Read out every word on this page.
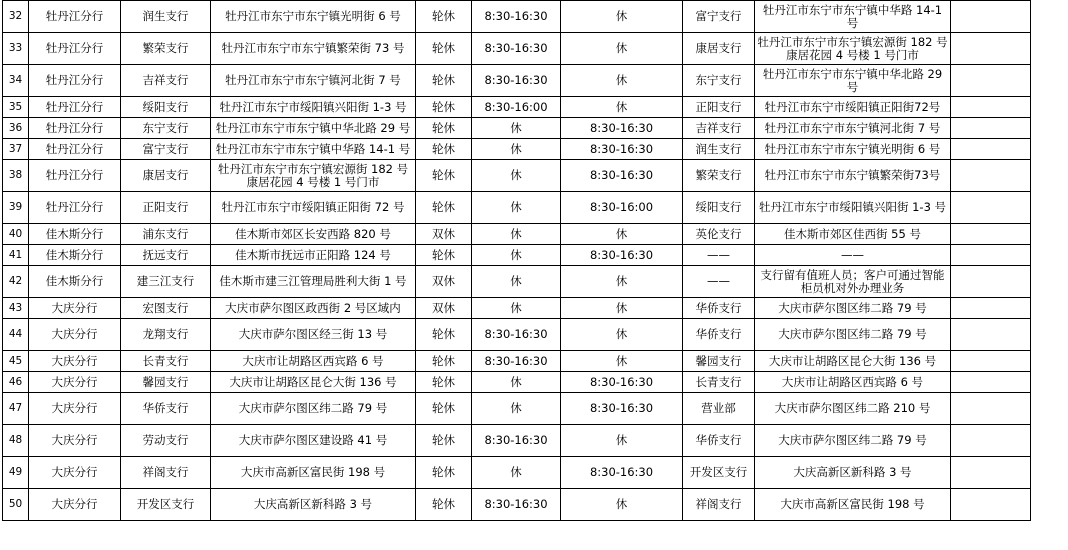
32	牡丹江分行	润生支行	牡丹江市东宁市东宁镇光明街 6 号	轮休	8:30-16:30	休	富宁支行	牡丹江市东宁市东宁镇中华路 14-1 号	
33	牡丹江分行	繁荣支行	牡丹江市东宁市东宁镇繁荣街 73 号	轮休	8:30-16:30	休	康居支行	牡丹江市东宁市东宁镇宏源街 182 号康居花园 4 号楼 1 号门市	
34	牡丹江分行	吉祥支行	牡丹江市东宁市东宁镇河北街 7 号	轮休	8:30-16:30	休	东宁支行	牡丹江市东宁市东宁镇中华北路 29 号	
35	牡丹江分行	绥阳支行	牡丹江市东宁市绥阳镇兴阳街 1-3 号	轮休	8:30-16:00	休	正阳支行	牡丹江市东宁市绥阳镇正阳街72号	
36	牡丹江分行	东宁支行	牡丹江市东宁市东宁镇中华北路 29 号	轮休	休	8:30-16:30	吉祥支行	牡丹江市东宁市东宁镇河北街 7 号	
37	牡丹江分行	富宁支行	牡丹江市东宁市东宁镇中华路 14-1 号	轮休	休	8:30-16:30	润生支行	牡丹江市东宁市东宁镇光明街 6 号	
38	牡丹江分行	康居支行	牡丹江市东宁市东宁镇宏源街 182 号康居花园 4 号楼 1 号门市	轮休	休	8:30-16:30	繁荣支行	牡丹江市东宁市东宁镇繁荣街73号	
39	牡丹江分行	正阳支行	牡丹江市东宁市绥阳镇正阳街 72 号	轮休	休	8:30-16:00	绥阳支行	牡丹江市东宁市绥阳镇兴阳街 1-3 号	
40	佳木斯分行	浦东支行	佳木斯市郊区长安西路 820 号	双休	休	休	英伦支行	佳木斯市郊区佳西街 55 号	
41	佳木斯分行	抚远支行	佳木斯市抚远市正阳路 124 号	轮休	休	8:30-16:30	——	——	
42	佳木斯分行	建三江支行	佳木斯市建三江管理局胜利大街 1 号	双休	休	休	——	支行留有值班人员；客户可通过智能柜员机对外办理业务	
43	大庆分行	宏图支行	大庆市萨尔图区政西街 2 号区域内	双休	休	休	华侨支行	大庆市萨尔图区纬二路 79 号	
44	大庆分行	龙翔支行	大庆市萨尔图区经三街 13 号	轮休	8:30-16:30	休	华侨支行	大庆市萨尔图区纬二路 79 号	
45	大庆分行	长青支行	大庆市让胡路区西宾路 6 号	轮休	8:30-16:30	休	馨园支行	大庆市让胡路区昆仑大街 136 号	
46	大庆分行	馨园支行	大庆市让胡路区昆仑大街 136 号	轮休	休	8:30-16:30	长青支行	大庆市让胡路区西宾路 6 号	
47	大庆分行	华侨支行	大庆市萨尔图区纬二路 79 号	轮休	休	8:30-16:30	营业部	大庆市萨尔图区纬二路 210 号	
48	大庆分行	劳动支行	大庆市萨尔图区建设路 41 号	轮休	8:30-16:30	休	华侨支行	大庆市萨尔图区纬二路 79 号	
49	大庆分行	祥阁支行	大庆市高新区富民街 198 号	轮休	休	8:30-16:30	开发区支行	大庆高新区新科路 3 号	
50	大庆分行	开发区支行	大庆高新区新科路 3 号	轮休	8:30-16:30	休	祥阁支行	大庆市高新区富民街 198 号	
